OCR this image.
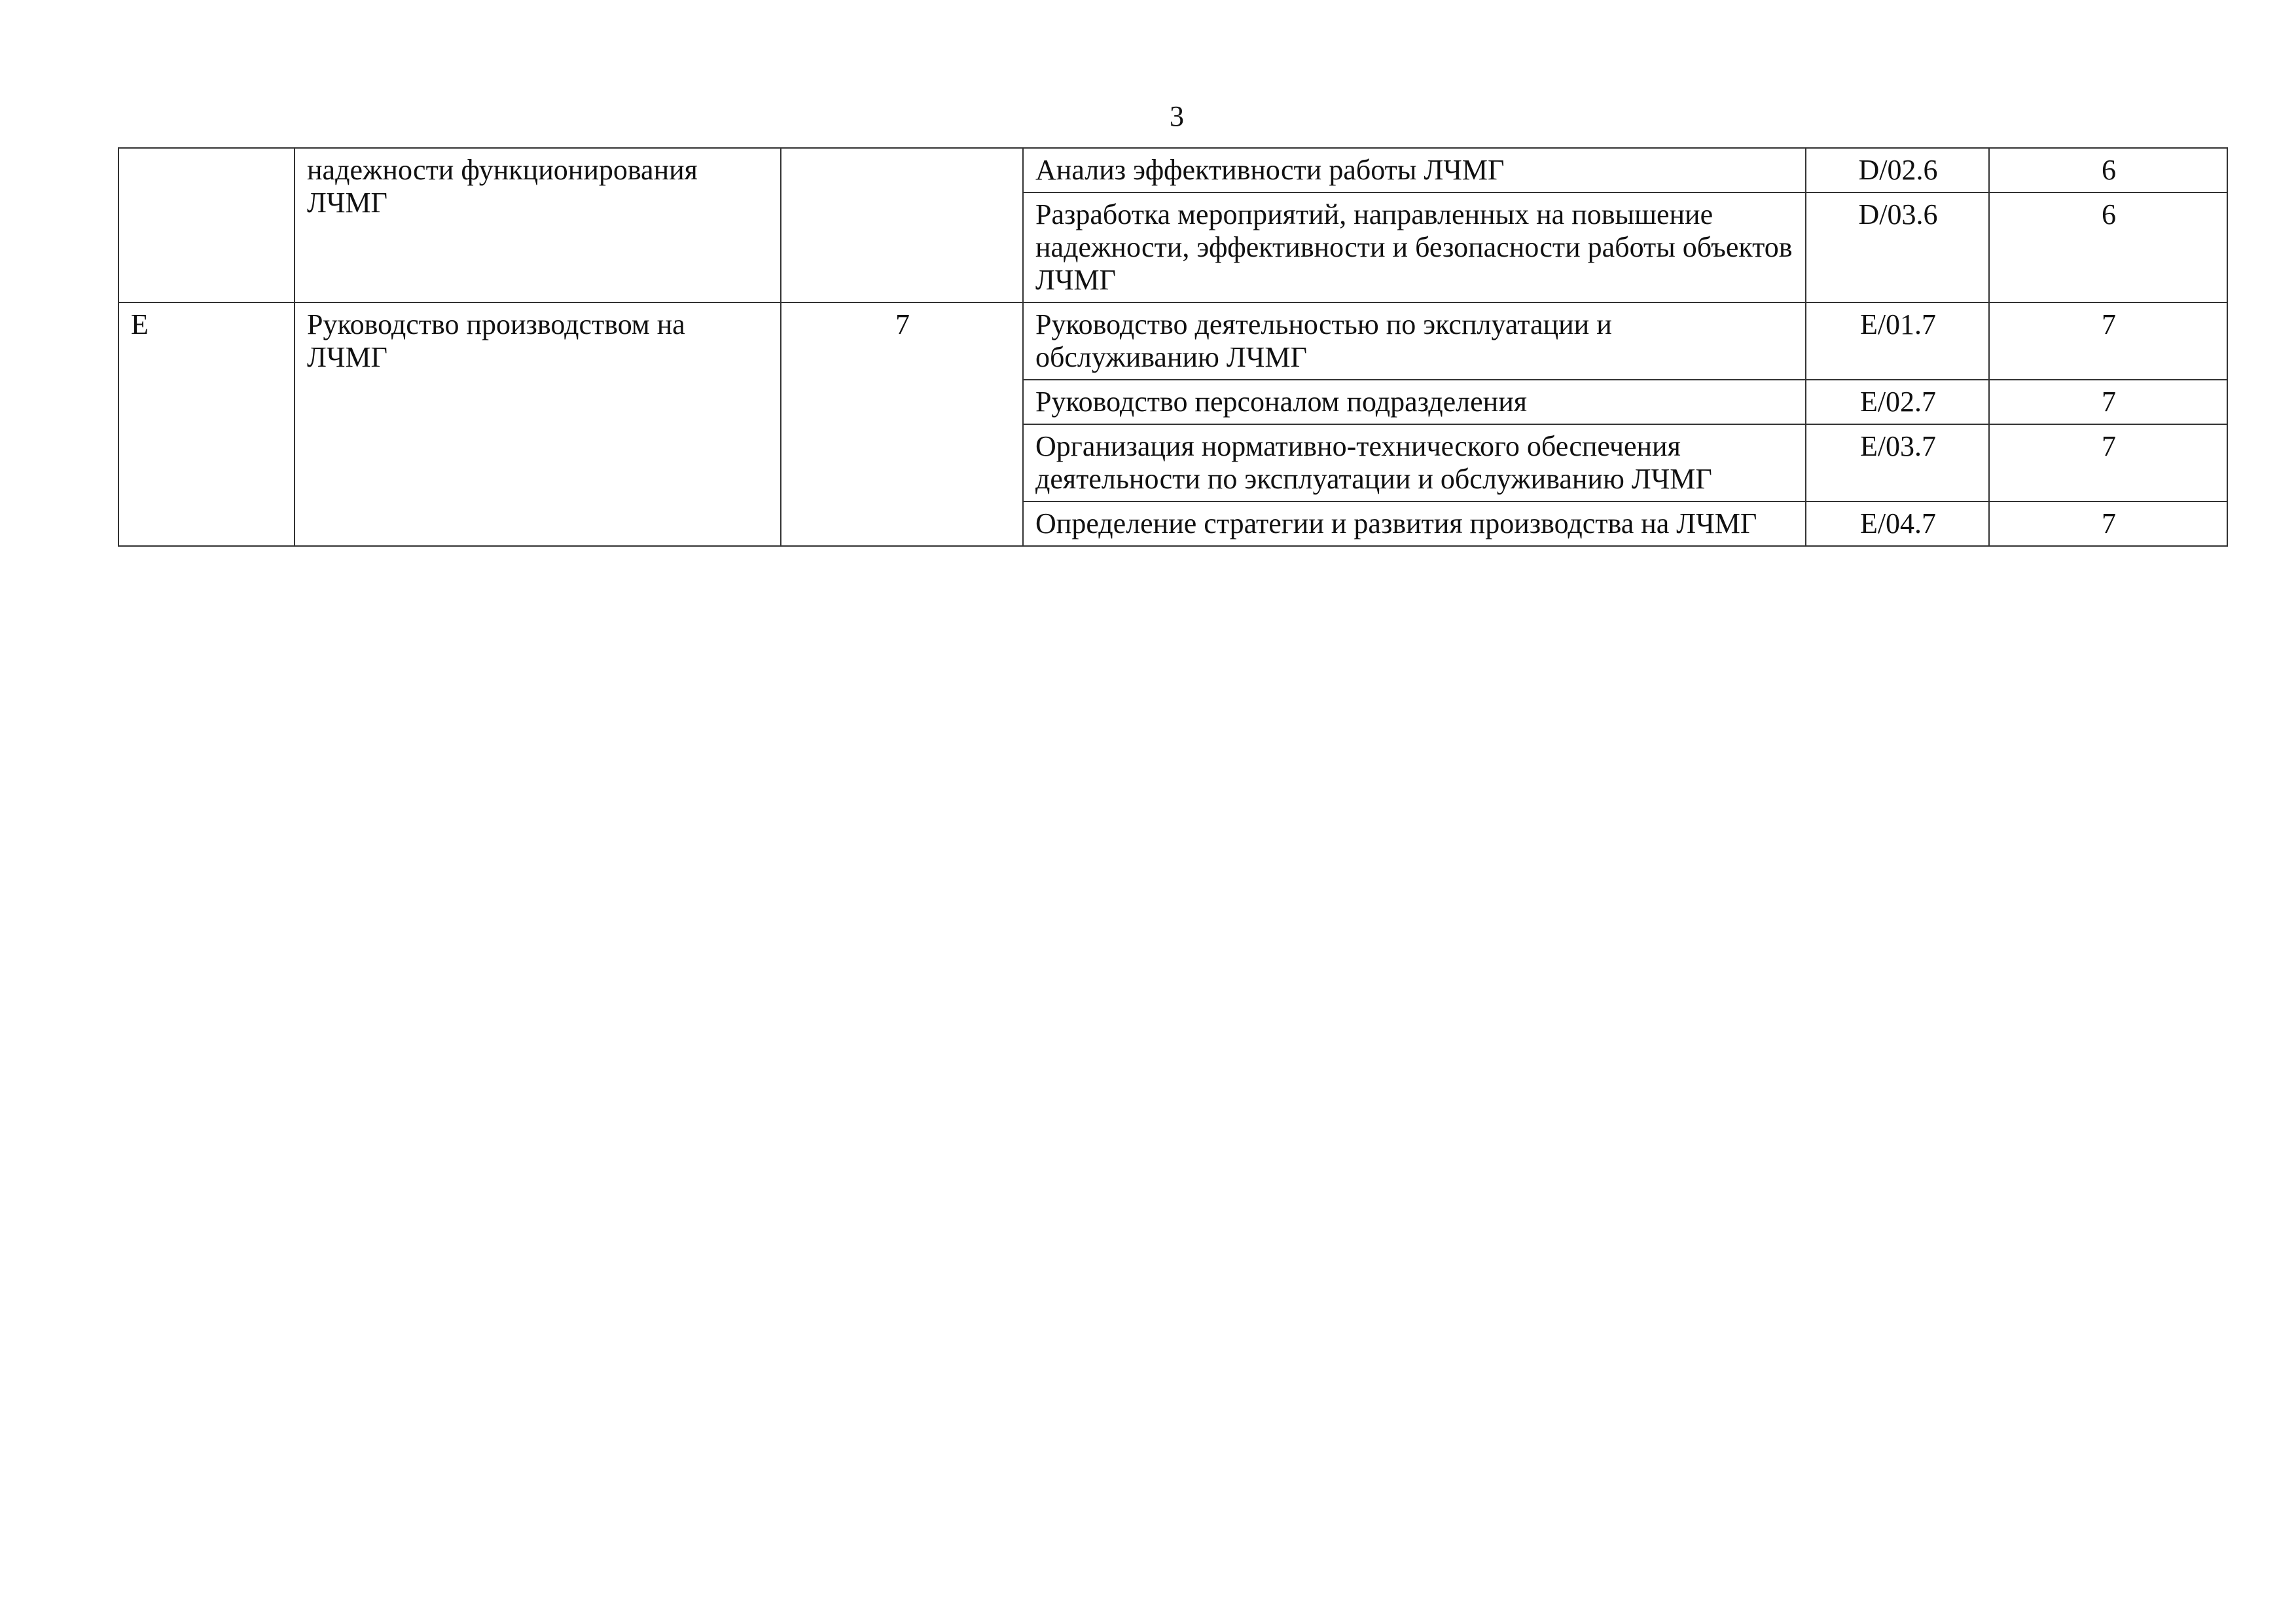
3
	надежности функционирования ЛЧМГ		Анализ эффективности работы ЛЧМГ	D/02.6	6
			Разработка мероприятий, направленных на повышение надежности, эффективности и безопасности работы объектов ЛЧМГ	D/03.6	6
E	Руководство производством на ЛЧМГ	7	Руководство деятельностью по эксплуатации и обслуживанию ЛЧМГ	E/01.7	7
			Руководство персоналом подразделения	E/02.7	7
			Организация нормативно-технического обеспечения деятельности по эксплуатации и обслуживанию ЛЧМГ	E/03.7	7
			Определение стратегии и развития производства на ЛЧМГ	E/04.7	7
